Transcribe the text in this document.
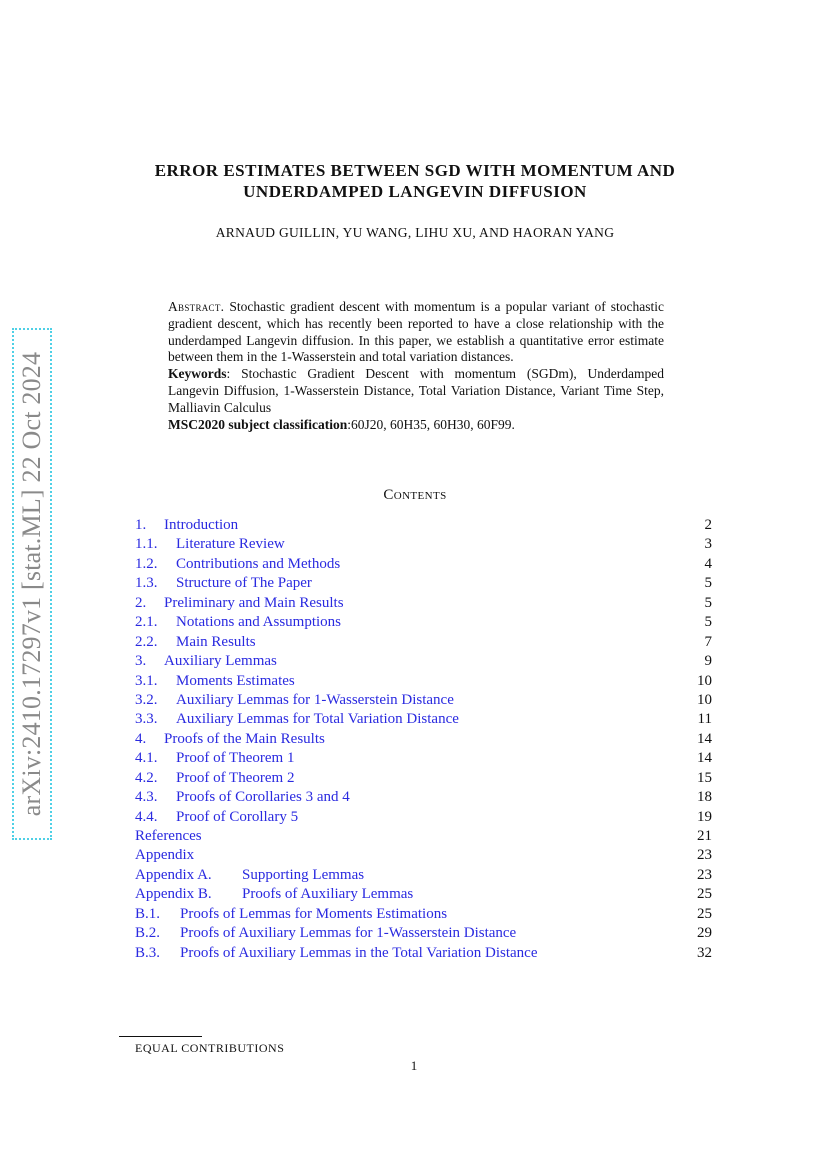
arXiv:2410.17297v1 [stat.ML] 22 Oct 2024
ERROR ESTIMATES BETWEEN SGD WITH MOMENTUM AND
UNDERDAMPED LANGEVIN DIFFUSION
ARNAUD GUILLIN, YU WANG, LIHU XU, AND HAORAN YANG

Abstract. Stochastic gradient descent with momentum is a popular variant of stochastic gradient descent, which has recently been reported to have a close relationship with the underdamped Langevin diffusion. In this paper, we establish a quantitative error estimate between them in the 1-Wasserstein and total variation distances.

Keywords: Stochastic Gradient Descent with momentum (SGDm), Underdamped Langevin Diffusion, 1-Wasserstein Distance, Total Variation Distance, Variant Time Step, Malliavin Calculus

MSC2020 subject classification:60J20, 60H35, 60H30, 60F99.

Contents
1. Introduction	2
1.1. Literature Review	3
1.2. Contributions and Methods	4
1.3. Structure of The Paper	5
2. Preliminary and Main Results	5
2.1. Notations and Assumptions	5
2.2. Main Results	7
3. Auxiliary Lemmas	9
3.1. Moments Estimates	10
3.2. Auxiliary Lemmas for 1-Wasserstein Distance	10
3.3. Auxiliary Lemmas for Total Variation Distance	11
4. Proofs of the Main Results	14
4.1. Proof of Theorem 1	14
4.2. Proof of Theorem 2	15
4.3. Proofs of Corollaries 3 and 4	18
4.4. Proof of Corollary 5	19
References	21
Appendix	23
Appendix A. Supporting Lemmas	23
Appendix B. Proofs of Auxiliary Lemmas	25
B.1. Proofs of Lemmas for Moments Estimations	25
B.2. Proofs of Auxiliary Lemmas for 1-Wasserstein Distance	29
B.3. Proofs of Auxiliary Lemmas in the Total Variation Distance	32
EQUAL CONTRIBUTIONS
1
